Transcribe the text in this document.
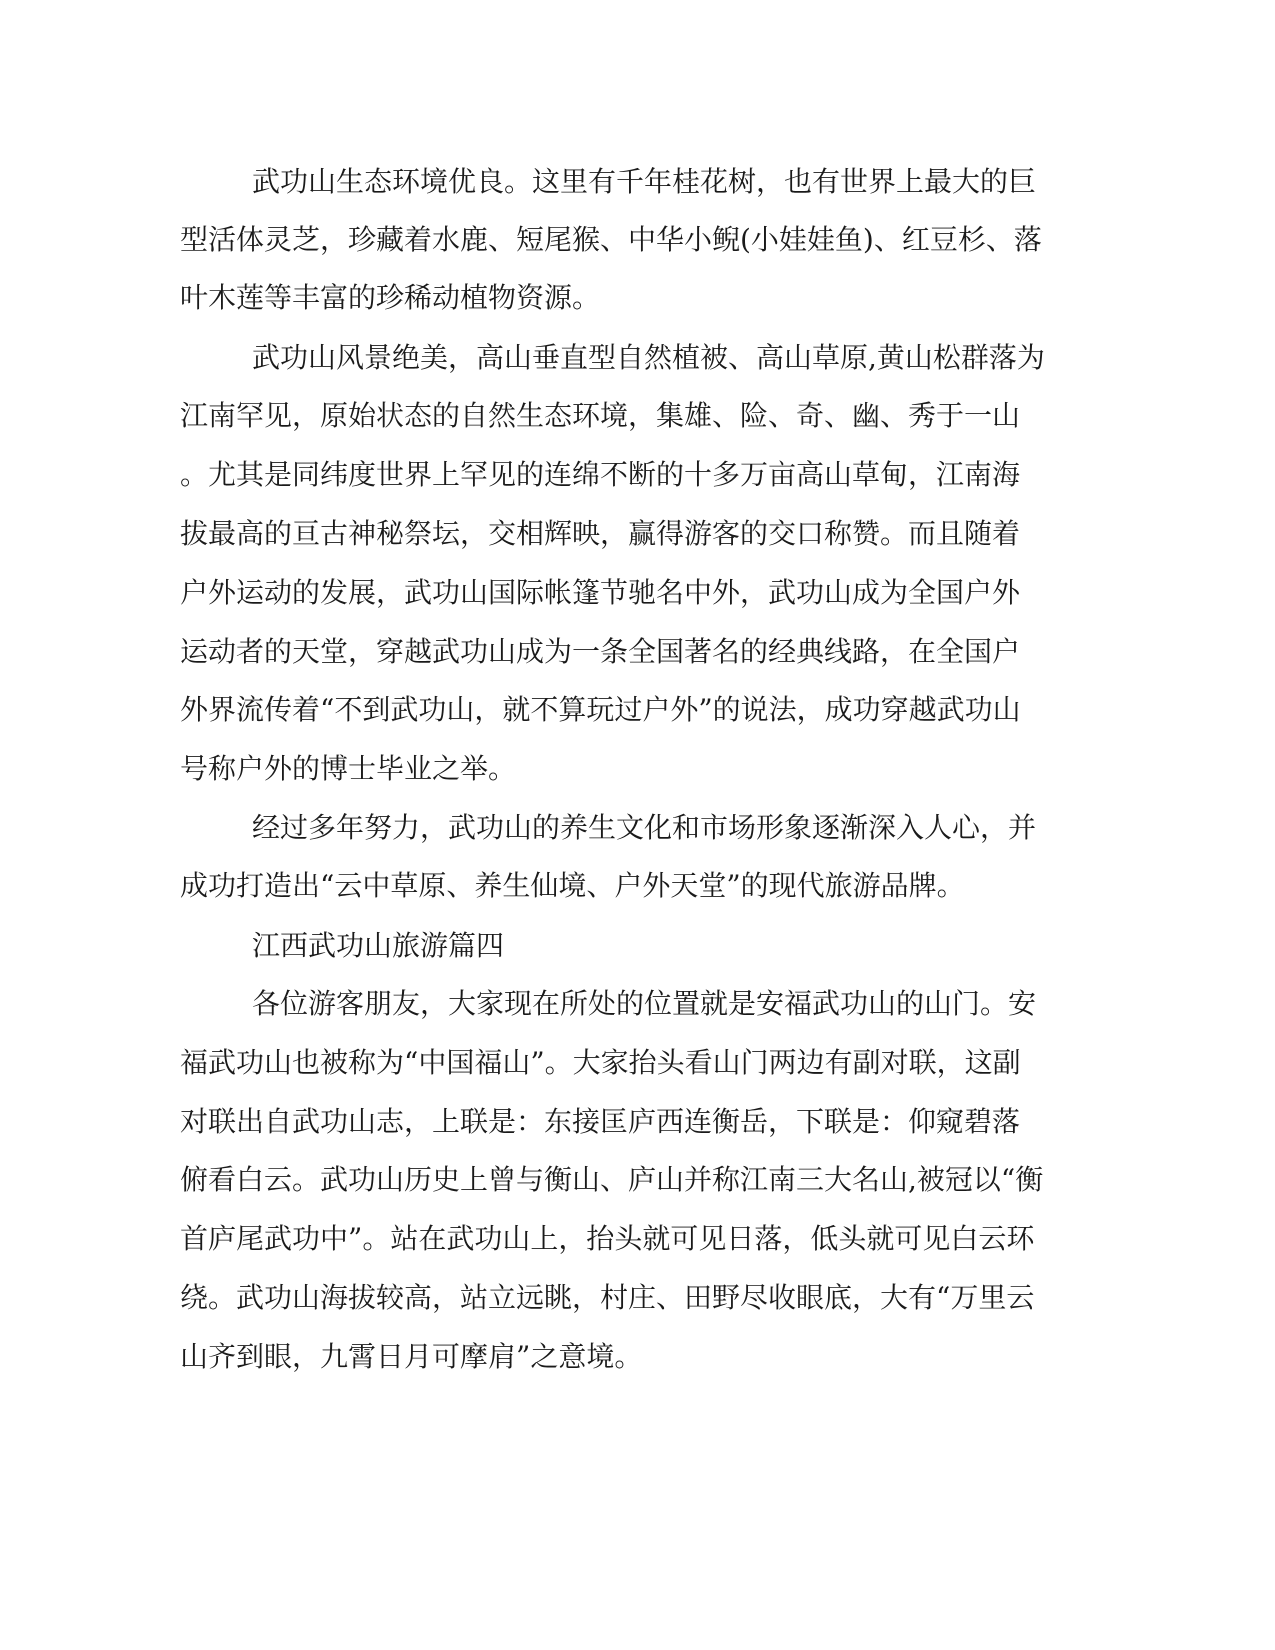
武功山生态环境优良。这里有千年桂花树，也有世界上最大的巨
型活体灵芝，珍藏着水鹿、短尾猴、中华小鲵(小娃娃鱼)、红豆杉、落
叶木莲等丰富的珍稀动植物资源。
武功山风景绝美，高山垂直型自然植被、高山草原,黄山松群落为
江南罕见，原始状态的自然生态环境，集雄、险、奇、幽、秀于一山
。尤其是同纬度世界上罕见的连绵不断的十多万亩高山草甸，江南海
拔最高的亘古神秘祭坛，交相辉映，赢得游客的交口称赞。而且随着
户外运动的发展，武功山国际帐篷节驰名中外，武功山成为全国户外
运动者的天堂，穿越武功山成为一条全国著名的经典线路，在全国户
外界流传着“不到武功山，就不算玩过户外”的说法，成功穿越武功山
号称户外的博士毕业之举。
经过多年努力，武功山的养生文化和市场形象逐渐深入人心，并
成功打造出“云中草原、养生仙境、户外天堂”的现代旅游品牌。
江西武功山旅游篇四
各位游客朋友，大家现在所处的位置就是安福武功山的山门。安
福武功山也被称为“中国福山”。大家抬头看山门两边有副对联，这副
对联出自武功山志，上联是：东接匡庐西连衡岳，下联是：仰窥碧落
俯看白云。武功山历史上曾与衡山、庐山并称江南三大名山,被冠以“衡
首庐尾武功中”。站在武功山上，抬头就可见日落，低头就可见白云环
绕。武功山海拔较高，站立远眺，村庄、田野尽收眼底，大有“万里云
山齐到眼，九霄日月可摩肩”之意境。
